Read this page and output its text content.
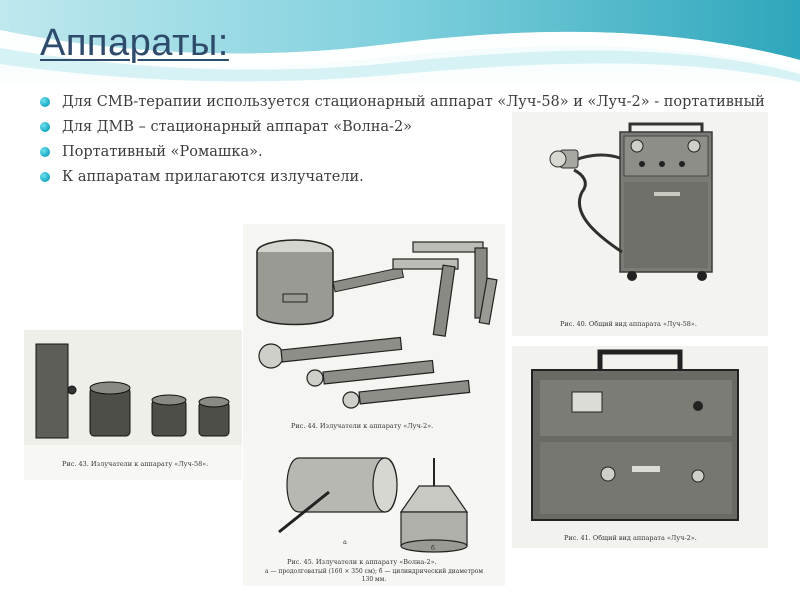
Аппараты:
Для СМВ-терапии используется стационарный аппарат «Луч-58» и «Луч-2» - портативный
Для ДМВ – стационарный аппарат «Волна-2»
Портативный «Ромашка».
К аппаратам прилагаются излучатели.
Рис. 40. Общий вид аппарата «Луч-58».
Рис. 44. Излучатели к аппарату «Луч-2».
Рис. 43. Излучатели к аппарату «Луч-58».
Рис. 41. Общий вид аппарата «Луч-2».
а
б
Рис. 45. Излучатели к аппарату «Волна-2».
а — продолговатый (160 × 350 см); б — цилиндрический диаметром
130 мм.
